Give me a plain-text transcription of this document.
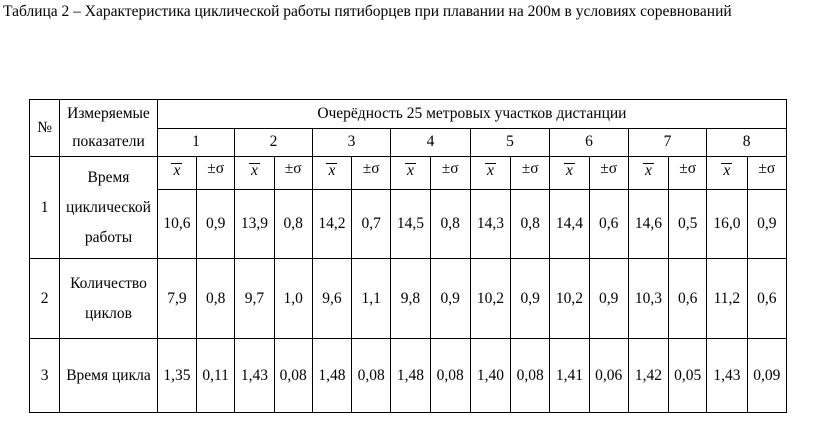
Таблица 2 – Характеристика циклической работы пятиборцев при плавании на 200м в условиях соревнований
№	Измеряемые показатели	Очерёдность 25 метровых участков дистанции															
		1		2		3		4		5		6		7		8	
1	Время циклической работы	x	±σ	x	±σ	x	±σ	x	±σ	x	±σ	x	±σ	x	±σ	x	±σ
		10,6	0,9	13,9	0,8	14,2	0,7	14,5	0,8	14,3	0,8	14,4	0,6	14,6	0,5	16,0	0,9
2	Количество циклов	7,9	0,8	9,7	1,0	9,6	1,1	9,8	0,9	10,2	0,9	10,2	0,9	10,3	0,6	11,2	0,6
3	Время цикла	1,35	0,11	1,43	0,08	1,48	0,08	1,48	0,08	1,40	0,08	1,41	0,06	1,42	0,05	1,43	0,09
